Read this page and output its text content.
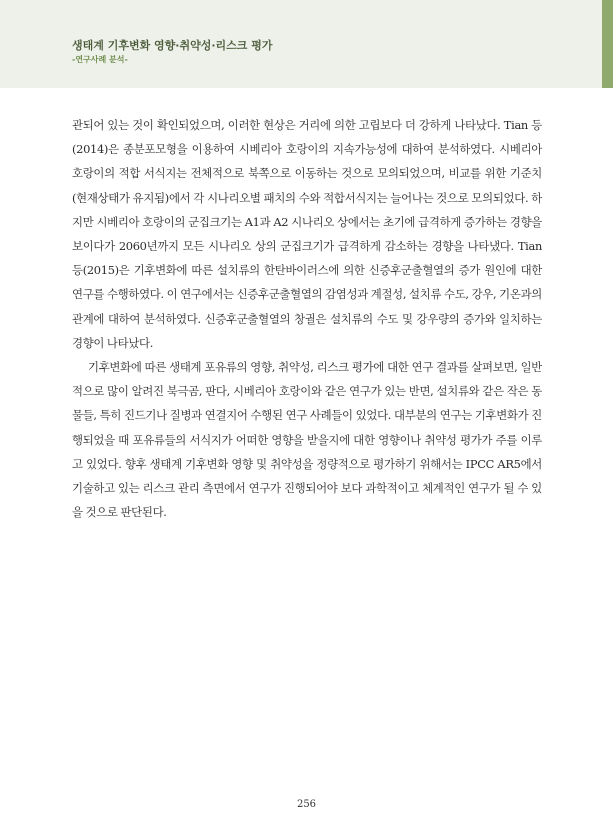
생태계 기후변화 영향·취약성·리스크 평가
-연구사례 분석-

관되어 있는 것이 확인되었으며, 이러한 현상은 거리에 의한 고립보다 더 강하게 나타났다. Tian 등(2014)은 종분포모형을 이용하여 시베리아 호랑이의 지속가능성에 대하여 분석하였다. 시베리아 호랑이의 적합 서식지는 전체적으로 북쪽으로 이동하는 것으로 모의되었으며, 비교를 위한 기준치(현재상태가 유지됨)에서 각 시나리오별 패치의 수와 적합서식지는 늘어나는 것으로 모의되었다. 하지만 시베리아 호랑이의 군집크기는 A1과 A2 시나리오 상에서는 초기에 급격하게 증가하는 경향을 보이다가 2060년까지 모든 시나리오 상의 군집크기가 급격하게 감소하는 경향을 나타냈다. Tian 등(2015)은 기후변화에 따른 설치류의 한탄바이러스에 의한 신증후군출혈열의 증가 원인에 대한 연구를 수행하였다. 이 연구에서는 신증후군출혈열의 감염성과 계절성, 설치류 수도, 강우, 기온과의 관계에 대하여 분석하였다. 신증후군출혈열의 창궐은 설치류의 수도 및 강우량의 증가와 일치하는 경향이 나타났다.

기후변화에 따른 생태계 포유류의 영향, 취약성, 리스크 평가에 대한 연구 결과를 살펴보면, 일반적으로 많이 알려진 북극곰, 판다, 시베리아 호랑이와 같은 연구가 있는 반면, 설치류와 같은 작은 동물들, 특히 진드기나 질병과 연결지어 수행된 연구 사례들이 있었다. 대부분의 연구는 기후변화가 진행되었을 때 포유류들의 서식지가 어떠한 영향을 받을지에 대한 영향이나 취약성 평가가 주를 이루고 있었다. 향후 생태계 기후변화 영향 및 취약성을 정량적으로 평가하기 위해서는 IPCC AR5에서 기술하고 있는 리스크 관리 측면에서 연구가 진행되어야 보다 과학적이고 체계적인 연구가 될 수 있을 것으로 판단된다.

256
